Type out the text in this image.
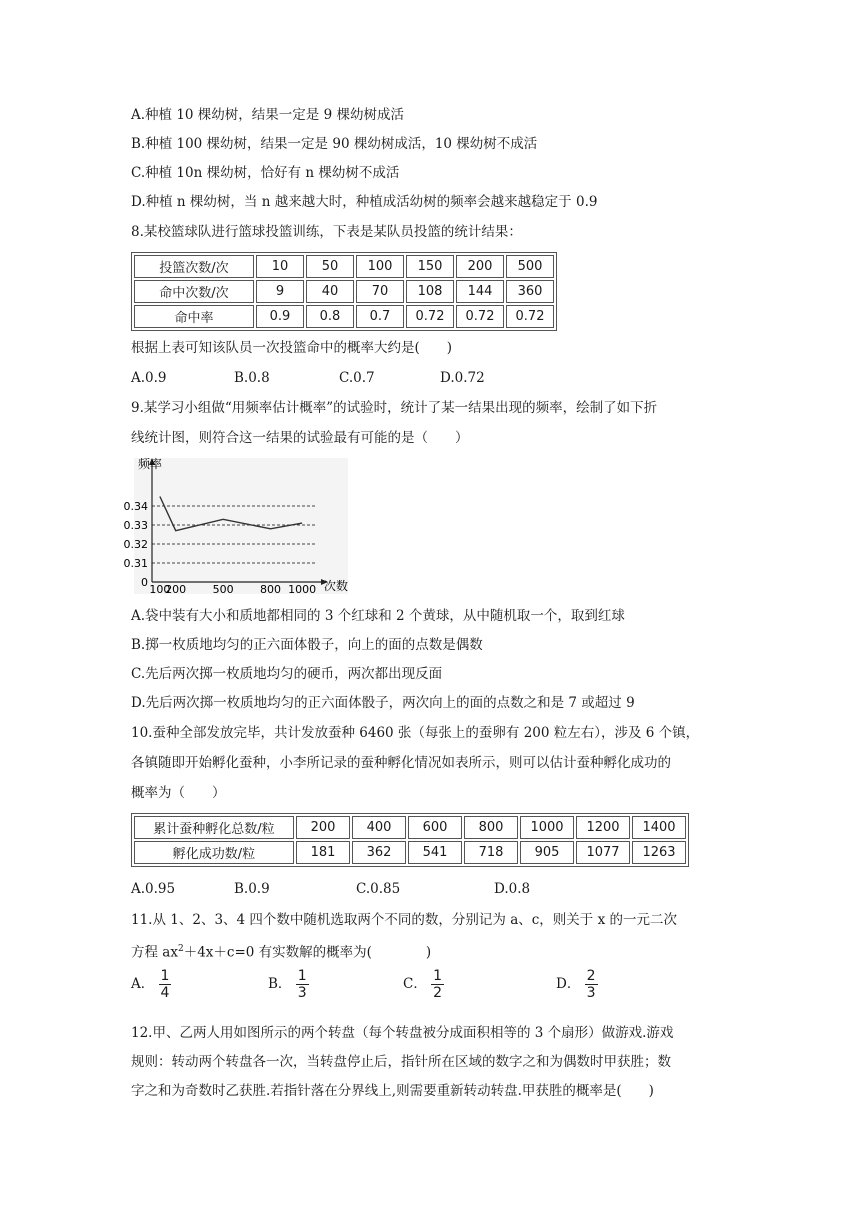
A.种植 10 棵幼树，结果一定是 9 棵幼树成活
B.种植 100 棵幼树，结果一定是 90 棵幼树成活，10 棵幼树不成活
C.种植 10n 棵幼树，恰好有 n 棵幼树不成活
D.种植 n 棵幼树，当 n 越来越大时，种植成活幼树的频率会越来越稳定于 0.9
8.某校篮球队进行篮球投篮训练，下表是某队员投篮的统计结果：
投篮次数/次	10	50	100	150	200	500
命中次数/次	9	40	70	108	144	360
命中率	0.9	0.8	0.7	0.72	0.72	0.72
根据上表可知该队员一次投篮命中的概率大约是(　　)
A.0.9	B.0.8	C.0.7	D.0.72
9.某学习小组做“用频率估计概率”的试验时，统计了某一结果出现的频率，绘制了如下折
线统计图，则符合这一结果的试验最有可能的是（　　）
频率
次数
0
0.31
0.32
0.33
0.34
100
200 500 800 1000
A.袋中装有大小和质地都相同的 3 个红球和 2 个黄球，从中随机取一个，取到红球
B.掷一枚质地均匀的正六面体骰子，向上的面的点数是偶数
C.先后两次掷一枚质地均匀的硬币，两次都出现反面
D.先后两次掷一枚质地均匀的正六面体骰子，两次向上的面的点数之和是 7 或超过 9
10.蚕种全部发放完毕，共计发放蚕种 6460 张（每张上的蚕卵有 200 粒左右），涉及 6 个镇，
各镇随即开始孵化蚕种，小李所记录的蚕种孵化情况如表所示，则可以估计蚕种孵化成功的
概率为（　　）
累计蚕种孵化总数/粒	200	400	600	800	1000	1200	1400
孵化成功数/粒	181	362	541	718	905	1077	1263
A.0.95	B.0.9	C.0.85	D.0.8
11.从 1、2、3、4 四个数中随机选取两个不同的数，分别记为 a、c，则关于 x 的一元二次
方程 $ax^2+4x+c=0$ 有实数解的概率为(　　　　)
A． $\frac{1}{4}$	B． $\frac{1}{3}$	C． $\frac{1}{2}$	D． $\frac{2}{3}$
12.甲、乙两人用如图所示的两个转盘（每个转盘被分成面积相等的 3 个扇形）做游戏.游戏
规则：转动两个转盘各一次，当转盘停止后，指针所在区域的数字之和为偶数时甲获胜；数
字之和为奇数时乙获胜.若指针落在分界线上,则需要重新转动转盘.甲获胜的概率是(　　)
